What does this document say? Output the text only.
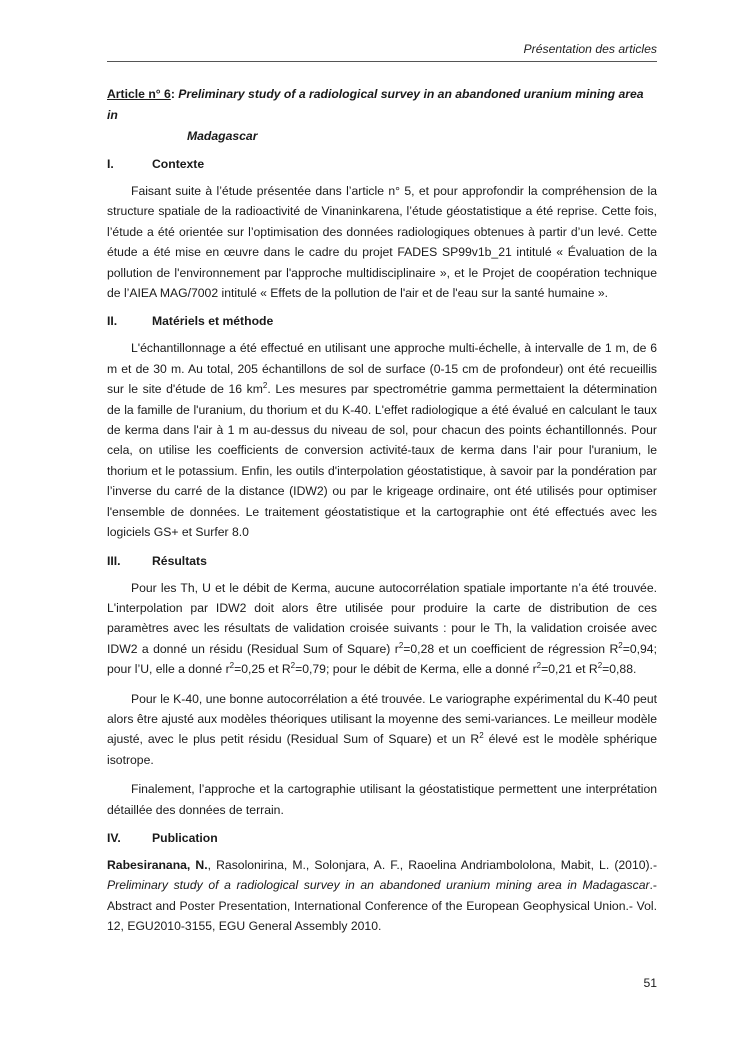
Présentation des articles
Article n° 6: Preliminary study of a radiological survey in an abandoned uranium mining area in
Madagascar
I.	Contexte

Faisant suite à l’étude présentée dans l’article n° 5, et pour approfondir la compréhension de la structure spatiale de la radioactivité de Vinaninkarena, l’étude géostatistique a été reprise. Cette fois, l’étude a été orientée sur l’optimisation des données radiologiques obtenues à partir d’un levé. Cette étude a été mise en œuvre dans le cadre du projet FADES SP99v1b_21 intitulé « Évaluation de la pollution de l'environnement par l'approche multidisciplinaire », et le Projet de coopération technique de l’AIEA MAG/7002 intitulé « Effets de la pollution de l'air et de l'eau sur la santé humaine ».

II.	Matériels et méthode

L'échantillonnage a été effectué en utilisant une approche multi-échelle, à intervalle de 1 m, de 6 m et de 30 m. Au total, 205 échantillons de sol de surface (0-15 cm de profondeur) ont été recueillis sur le site d'étude de 16 $km^2$. Les mesures par spectrométrie gamma permettaient la détermination de la famille de l'uranium, du thorium et du K-40. L'effet radiologique a été évalué en calculant le taux de kerma dans l'air à 1 m au-dessus du niveau de sol, pour chacun des points échantillonnés. Pour cela, on utilise les coefficients de conversion activité-taux de kerma dans l’air pour l'uranium, le thorium et le potassium. Enfin, les outils d'interpolation géostatistique, à savoir par la pondération par l’inverse du carré de la distance (IDW2) ou par le krigeage ordinaire, ont été utilisés pour optimiser l'ensemble de données. Le traitement géostatistique et la cartographie ont été effectués avec les logiciels GS+ et Surfer 8.0

III.	Résultats

Pour les Th, U et le débit de Kerma, aucune autocorrélation spatiale importante n’a été trouvée. L'interpolation par IDW2 doit alors être utilisée pour produire la carte de distribution de ces paramètres avec les résultats de validation croisée suivants : pour le Th, la validation croisée avec IDW2 a donné un résidu (Residual Sum of Square) $r^2=0,28$ et un coefficient de régression $R^2=0,94$; pour l’U, elle a donné $r^2=0,25$ et $R^2=0,79$; pour le débit de Kerma, elle a donné $r^2=0,21$ et $R^2=0,88$.

Pour le K-40, une bonne autocorrélation a été trouvée. Le variographe expérimental du K-40 peut alors être ajusté aux modèles théoriques utilisant la moyenne des semi-variances. Le meilleur modèle ajusté, avec le plus petit résidu (Residual Sum of Square) et un $R^2$ élevé est le modèle sphérique isotrope.

Finalement, l’approche et la cartographie utilisant la géostatistique permettent une interprétation détaillée des données de terrain.

IV.	Publication

Rabesiranana, N., Rasolonirina, M., Solonjara, A. F., Raoelina Andriambololona, Mabit, L. (2010).- Preliminary study of a radiological survey in an abandoned uranium mining area in Madagascar.- Abstract and Poster Presentation, International Conference of the European Geophysical Union.- Vol. 12, EGU2010-3155, EGU General Assembly 2010.

51
